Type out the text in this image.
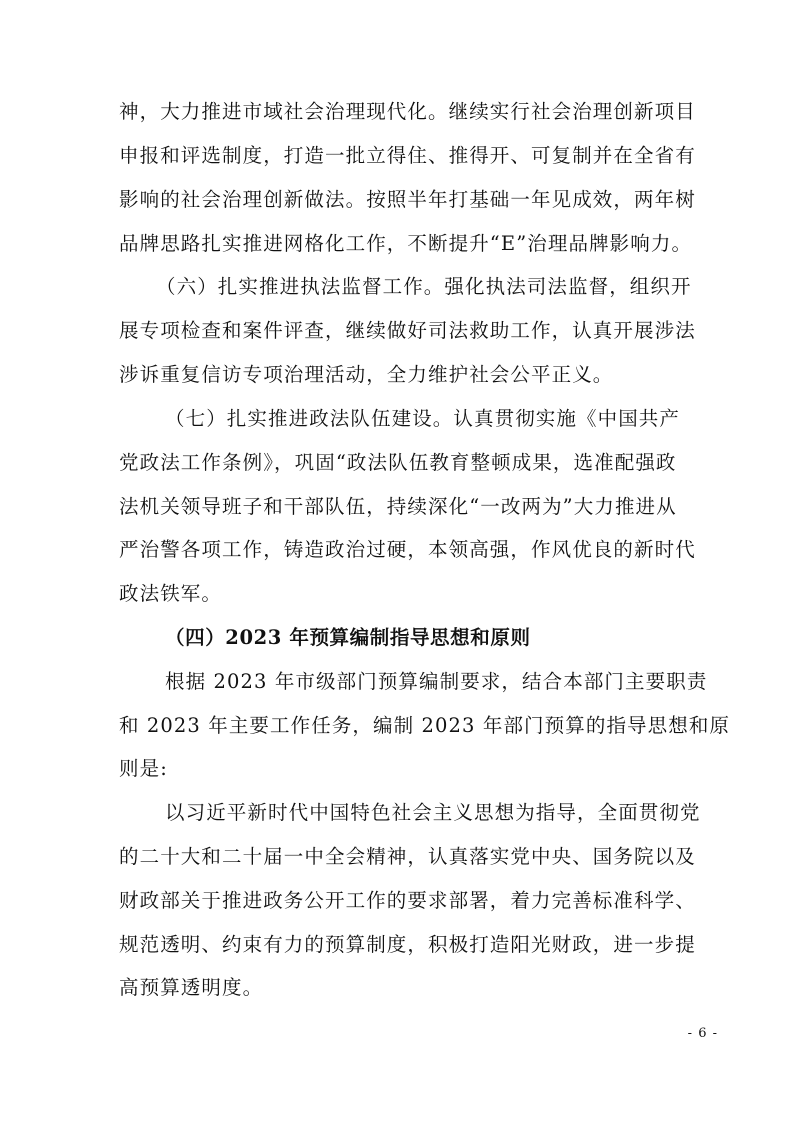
神，大力推进市域社会治理现代化。继续实行社会治理创新项目

申报和评选制度，打造一批立得住、推得开、可复制并在全省有

影响的社会治理创新做法。按照半年打基础一年见成效，两年树

品牌思路扎实推进网格化工作，不断提升“E”治理品牌影响力。

（六）扎实推进执法监督工作。强化执法司法监督，组织开

展专项检查和案件评查，继续做好司法救助工作，认真开展涉法

涉诉重复信访专项治理活动，全力维护社会公平正义。

（七）扎实推进政法队伍建设。认真贯彻实施《中国共产

党政法工作条例》，巩固“政法队伍教育整顿成果，选准配强政

法机关领导班子和干部队伍，持续深化“一改两为”大力推进从

严治警各项工作，铸造政治过硬，本领高强，作风优良的新时代

政法铁军。

（四）2023 年预算编制指导思想和原则

根据 2023 年市级部门预算编制要求，结合本部门主要职责

和 2023 年主要工作任务，编制 2023 年部门预算的指导思想和原

则是:

以习近平新时代中国特色社会主义思想为指导，全面贯彻党

的二十大和二十届一中全会精神，认真落实党中央、国务院以及

财政部关于推进政务公开工作的要求部署，着力完善标准科学、

规范透明、约束有力的预算制度，积极打造阳光财政，进一步提

高预算透明度。

- 6 -
